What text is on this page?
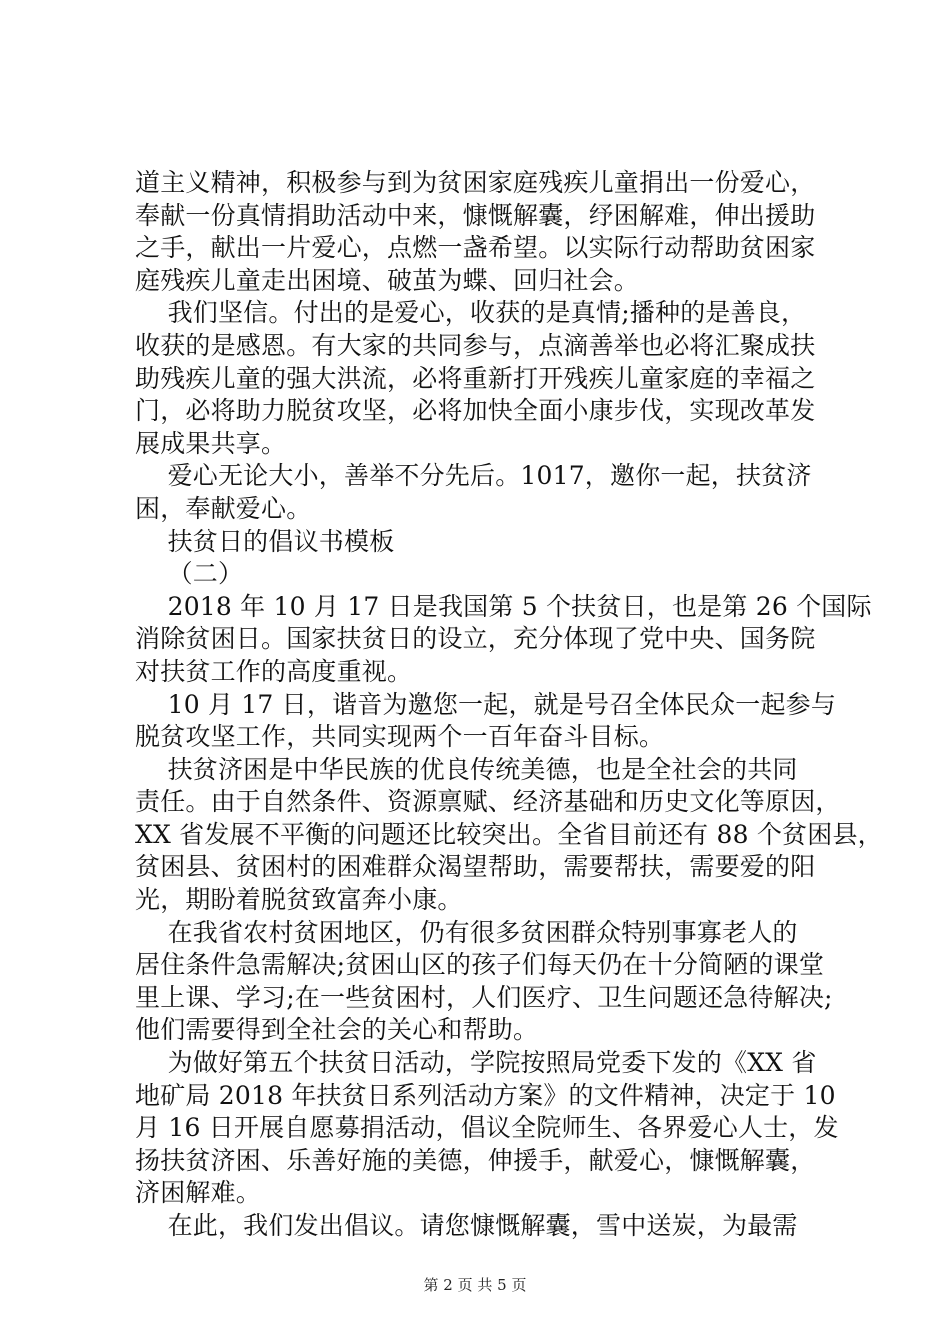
道主义精神，积极参与到为贫困家庭残疾儿童捐出一份爱心，
奉献一份真情捐助活动中来，慷慨解囊，纾困解难，伸出援助
之手，献出一片爱心，点燃一盏希望。以实际行动帮助贫困家
庭残疾儿童走出困境、破茧为蝶、回归社会。
我们坚信。付出的是爱心，收获的是真情;播种的是善良，
收获的是感恩。有大家的共同参与，点滴善举也必将汇聚成扶
助残疾儿童的强大洪流，必将重新打开残疾儿童家庭的幸福之
门，必将助力脱贫攻坚，必将加快全面小康步伐，实现改革发
展成果共享。
爱心无论大小，善举不分先后。1017，邀你一起，扶贫济
困，奉献爱心。
扶贫日的倡议书模板
（二）
2018 年 10 月 17 日是我国第 5 个扶贫日，也是第 26 个国际
消除贫困日。国家扶贫日的设立，充分体现了党中央、国务院
对扶贫工作的高度重视。
10 月 17 日，谐音为邀您一起，就是号召全体民众一起参与
脱贫攻坚工作，共同实现两个一百年奋斗目标。
扶贫济困是中华民族的优良传统美德，也是全社会的共同
责任。由于自然条件、资源禀赋、经济基础和历史文化等原因，
XX 省发展不平衡的问题还比较突出。全省目前还有 88 个贫困县，
贫困县、贫困村的困难群众渴望帮助，需要帮扶，需要爱的阳
光，期盼着脱贫致富奔小康。
在我省农村贫困地区，仍有很多贫困群众特别事寡老人的
居住条件急需解决;贫困山区的孩子们每天仍在十分简陋的课堂
里上课、学习;在一些贫困村，人们医疗、卫生问题还急待解决;
他们需要得到全社会的关心和帮助。
为做好第五个扶贫日活动，学院按照局党委下发的《XX 省
地矿局 2018 年扶贫日系列活动方案》的文件精神，决定于 10
月 16 日开展自愿募捐活动，倡议全院师生、各界爱心人士，发
扬扶贫济困、乐善好施的美德，伸援手，献爱心，慷慨解囊，
济困解难。
在此，我们发出倡议。请您慷慨解囊，雪中送炭，为最需
第 2 页 共 5 页
